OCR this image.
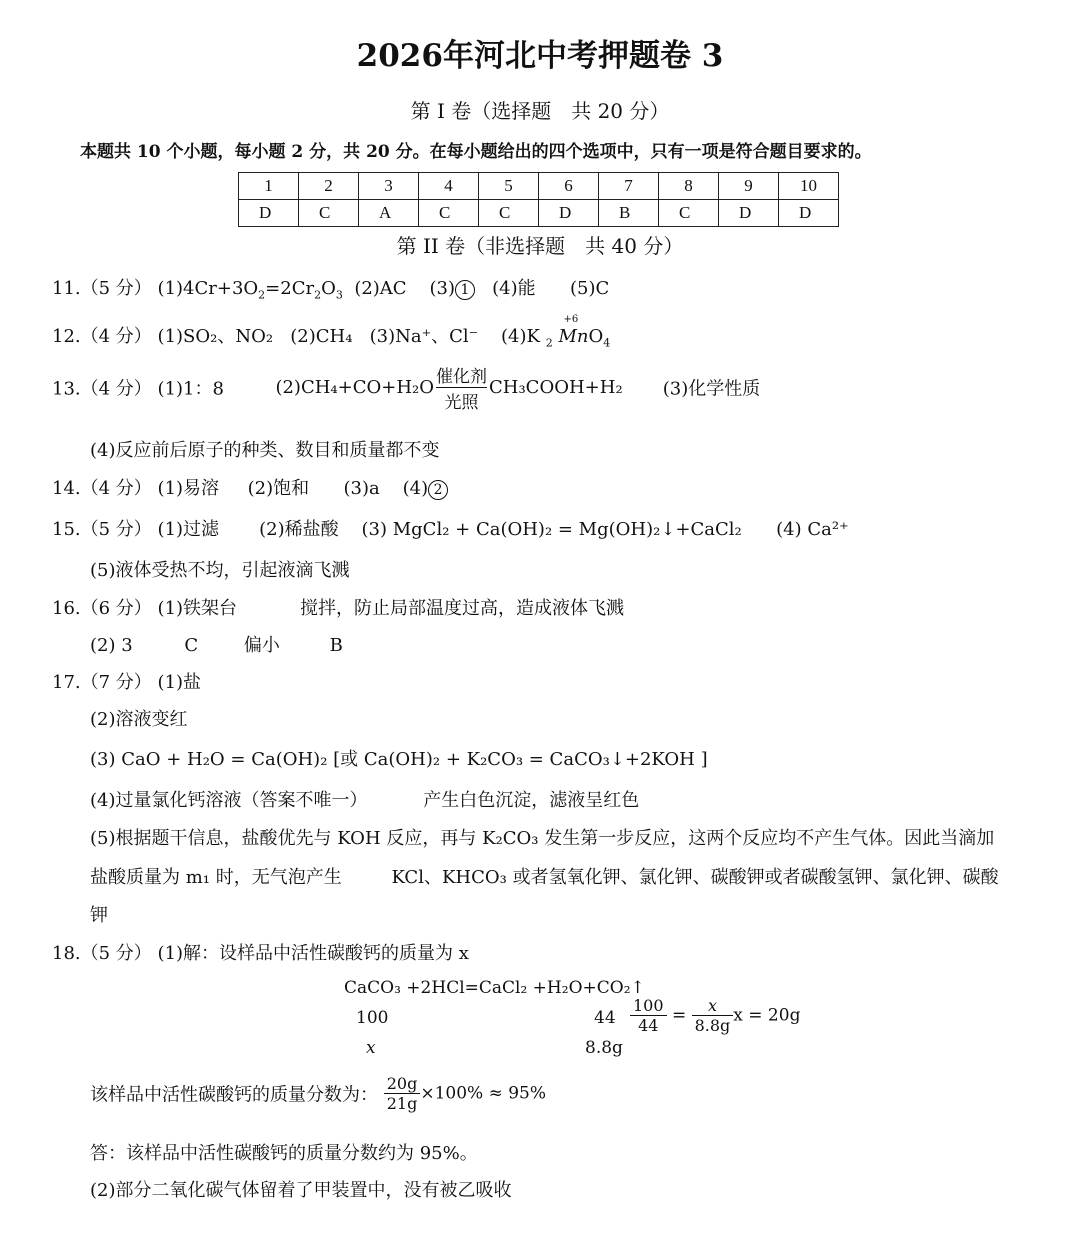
2026年河北中考押题卷 3
第 I 卷（选择题　共 20 分）
本题共 10 个小题，每小题 2 分，共 20 分。在每小题给出的四个选项中，只有一项是符合题目要求的。
1	2	3	4	5	6	7	8	9	10
D	C	A	C	C	D	B	C	D	D
第 II 卷（非选择题　共 40 分）
11.（5 分） $(1)4Cr+3O_2=2Cr_2O_3$ (2)AC (3) 1 (4)能 (5)C
12.（4 分） (1)SO₂、NO₂ (2)CH₄ (3)Na⁺、Cl⁻ (4)K $_2$
+6
MnO$_4$
13.（4 分） (1)1：8	(2)CH₄+CO+H₂O 催化剂
光照
CH₃COOH+H₂ (3)化学性质
(4)反应前后原子的种类、数目和质量都不变
14.（4 分） (1)易溶 (2)饱和 (3)a (4) 2
15.（5 分） (1)过滤 (2)稀盐酸 (3) MgCl₂ + Ca(OH)₂ = Mg(OH)₂↓+CaCl₂ (4) Ca²⁺
(5)液体受热不均，引起液滴飞溅
16.（6 分） (1)铁架台	搅拌，防止局部温度过高，造成液体飞溅
(2) 3	C	偏小	B
17.（7 分） (1)盐
(2)溶液变红
(3) CaO + H₂O = Ca(OH)₂ [或 Ca(OH)₂ + K₂CO₃ = CaCO₃↓+2KOH ]
(4)过量氯化钙溶液（答案不唯一）	产生白色沉淀，滤液呈红色
(5)根据题干信息，盐酸优先与 KOH 反应，再与 K₂CO₃ 发生第一步反应，这两个反应均不产生气体。因此当滴加
盐酸质量为 m₁ 时，无气泡产生	KCl、KHCO₃ 或者氢氧化钾、氯化钾、碳酸钾或者碳酸氢钾、氯化钾、碳酸
钾
18.（5 分） (1)解：设样品中活性碳酸钙的质量为 x
CaCO₃ +2HCl=CaCl₂ +H₂O+CO₂↑
100	44
x	8.8g
$\frac{100}{44} = \frac{x}{8.8g}$ x = 20g
该样品中活性碳酸钙的质量分数为： $\frac{20g}{21g} \times 100\% \approx 95\%$
答：该样品中活性碳酸钙的质量分数约为 95%。
(2)部分二氧化碳气体留着了甲装置中，没有被乙吸收
